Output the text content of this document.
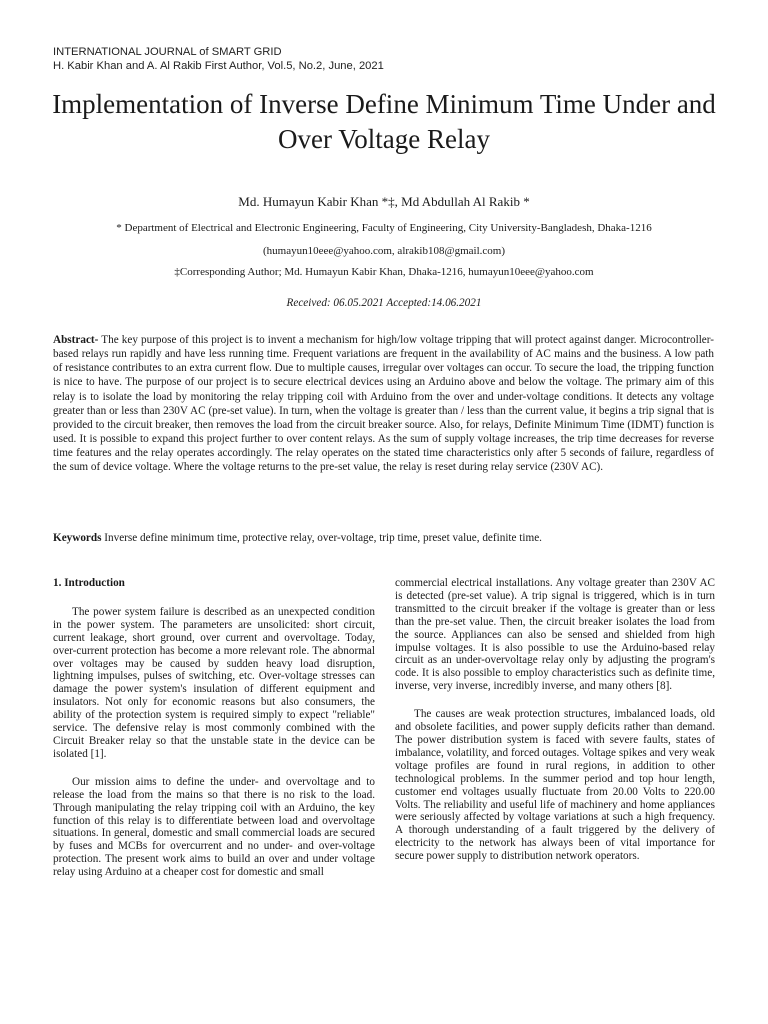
INTERNATIONAL JOURNAL of SMART GRID
H. Kabir Khan and A. Al Rakib First Author, Vol.5, No.2, June, 2021
Implementation of Inverse Define Minimum Time Under and Over Voltage Relay
Md. Humayun Kabir Khan *‡, Md Abdullah Al Rakib *
* Department of Electrical and Electronic Engineering, Faculty of Engineering, City University-Bangladesh, Dhaka-1216
(humayun10eee@yahoo.com, alrakib108@gmail.com)
‡Corresponding Author; Md. Humayun Kabir Khan, Dhaka-1216, humayun10eee@yahoo.com
Received: 06.05.2021 Accepted:14.06.2021

Abstract- The key purpose of this project is to invent a mechanism for high/low voltage tripping that will protect against danger. Microcontroller-based relays run rapidly and have less running time. Frequent variations are frequent in the availability of AC mains and the business. A low path of resistance contributes to an extra current flow. Due to multiple causes, irregular over voltages can occur. To secure the load, the tripping function is nice to have. The purpose of our project is to secure electrical devices using an Arduino above and below the voltage. The primary aim of this relay is to isolate the load by monitoring the relay tripping coil with Arduino from the over and under-voltage conditions. It detects any voltage greater than or less than 230V AC (pre-set value). In turn, when the voltage is greater than / less than the current value, it begins a trip signal that is provided to the circuit breaker, then removes the load from the circuit breaker source. Also, for relays, Definite Minimum Time (IDMT) function is used. It is possible to expand this project further to over content relays. As the sum of supply voltage increases, the trip time decreases for reverse time features and the relay operates accordingly. The relay operates on the stated time characteristics only after 5 seconds of failure, regardless of the sum of device voltage. Where the voltage returns to the pre-set value, the relay is reset during relay service (230V AC).

Keywords Inverse define minimum time, protective relay, over-voltage, trip time, preset value, definite time.

1. Introduction

The power system failure is described as an unexpected condition in the power system. The parameters are unsolicited: short circuit, current leakage, short ground, over current and overvoltage. Today, over-current protection has become a more relevant role. The abnormal over voltages may be caused by sudden heavy load disruption, lightning impulses, pulses of switching, etc. Over-voltage stresses can damage the power system's insulation of different equipment and insulators. Not only for economic reasons but also consumers, the ability of the protection system is required simply to expect "reliable" service. The defensive relay is most commonly combined with the Circuit Breaker relay so that the unstable state in the device can be isolated [1].

Our mission aims to define the under- and overvoltage and to release the load from the mains so that there is no risk to the load. Through manipulating the relay tripping coil with an Arduino, the key function of this relay is to differentiate between load and overvoltage situations. In general, domestic and small commercial loads are secured by fuses and MCBs for overcurrent and no under- and over-voltage protection. The present work aims to build an over and under voltage relay using Arduino at a cheaper cost for domestic and small

commercial electrical installations. Any voltage greater than 230V AC is detected (pre-set value). A trip signal is triggered, which is in turn transmitted to the circuit breaker if the voltage is greater than or less than the pre-set value. Then, the circuit breaker isolates the load from the source. Appliances can also be sensed and shielded from high impulse voltages. It is also possible to use the Arduino-based relay circuit as an under-overvoltage relay only by adjusting the program's code. It is also possible to employ characteristics such as definite time, inverse, very inverse, incredibly inverse, and many others [8].

The causes are weak protection structures, imbalanced loads, old and obsolete facilities, and power supply deficits rather than demand. The power distribution system is faced with severe faults, states of imbalance, volatility, and forced outages. Voltage spikes and very weak voltage profiles are found in rural regions, in addition to other technological problems. In the summer period and top hour length, customer end voltages usually fluctuate from 20.00 Volts to 220.00 Volts. The reliability and useful life of machinery and home appliances were seriously affected by voltage variations at such a high frequency. A thorough understanding of a fault triggered by the delivery of electricity to the network has always been of vital importance for secure power supply to distribution network operators.
